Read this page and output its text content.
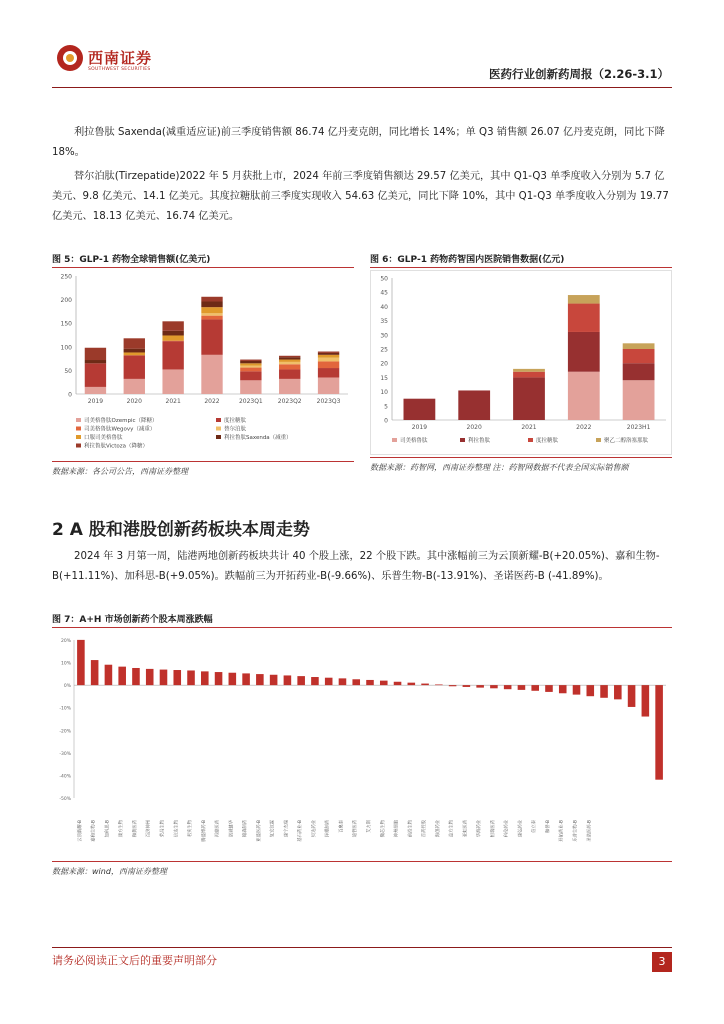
西南证券
SOUTHWEST SECURITIES	医药行业创新药周报（2.26-3.1）

利拉鲁肽 Saxenda(减重适应证)前三季度销售额 86.74 亿丹麦克朗，同比增长 14%；单 Q3 销售额 26.07 亿丹麦克朗，同比下降 18%。

替尔泊肽(Tirzepatide)2022 年 5 月获批上市，2024 年前三季度销售额达 29.57 亿美元，其中 Q1-Q3 单季度收入分别为 5.7 亿美元、9.8 亿美元、14.1 亿美元。其度拉糖肽前三季度实现收入 54.63 亿美元，同比下降 10%，其中 Q1-Q3 单季度收入分别为 19.77 亿美元、18.13 亿美元、16.74 亿美元。

图 5：GLP-1 药物全球销售额(亿美元)
0
50
100
150
200
250
2019	2020	2021	2022	2023Q1	2023Q2	2023Q3
司美格鲁肽Ozempic（降糖）	度拉糖肽
司美格鲁肽Wegovy（减重）	替尔泊肽
口服司美格鲁肽	利拉鲁肽Saxenda（减重）
利拉鲁肽Victoza（降糖）
数据来源：各公司公告，西南证券整理
图 6：GLP-1 药物药智国内医院销售数据(亿元)
0
5
10
15
20
25
30
35
40
45
50
2019	2020	2021	2022	2023H1
司美格鲁肽	利拉鲁肽	度拉糖肽	聚乙二醇洛塞那肽
数据来源：药智网，西南证券整理 注：药智网数据不代表全国实际销售额
2 A 股和港股创新药板块本周走势

2024 年 3 月第一周，陆港两地创新药板块共计 40 个股上涨，22 个股下跌。其中涨幅前三为云顶新耀-B(+20.05%)、嘉和生物-B(+11.11%)、加科思-B(+9.05%)。跌幅前三为开拓药业-B(-9.66%)、乐普生物-B(-13.91%)、圣诺医药-B (-41.89%)。

图 7：A+H 市场创新药个股本周涨跌幅
20%
10%
0%
-10%
-20%
-30%
-40%
-50%
云顶新耀-B	嘉和生物-B	加科思-B	康方生物	和黄医药	百济神州	荣昌生物	信达生物	君实生物	腾盛博药-B	再鼎医药	诺诚健华	翰森制药	亚盛医药-B	复宏汉霖	康宁杰瑞	基石药业-B	贝达药业	泽璟制药	百奥泰	迪哲医药	艾力斯	微芯生物	神州细胞	前沿生物	首药控股	海创药业	益方生物	亚虹医药	华海药业	恒瑞医药	科伦药业	康弘药业	信立泰	和誉-B	开拓药业-B	乐普生物-B	圣诺医药-B
数据来源：wind，西南证券整理
请务必阅读正文后的重要声明部分	3
